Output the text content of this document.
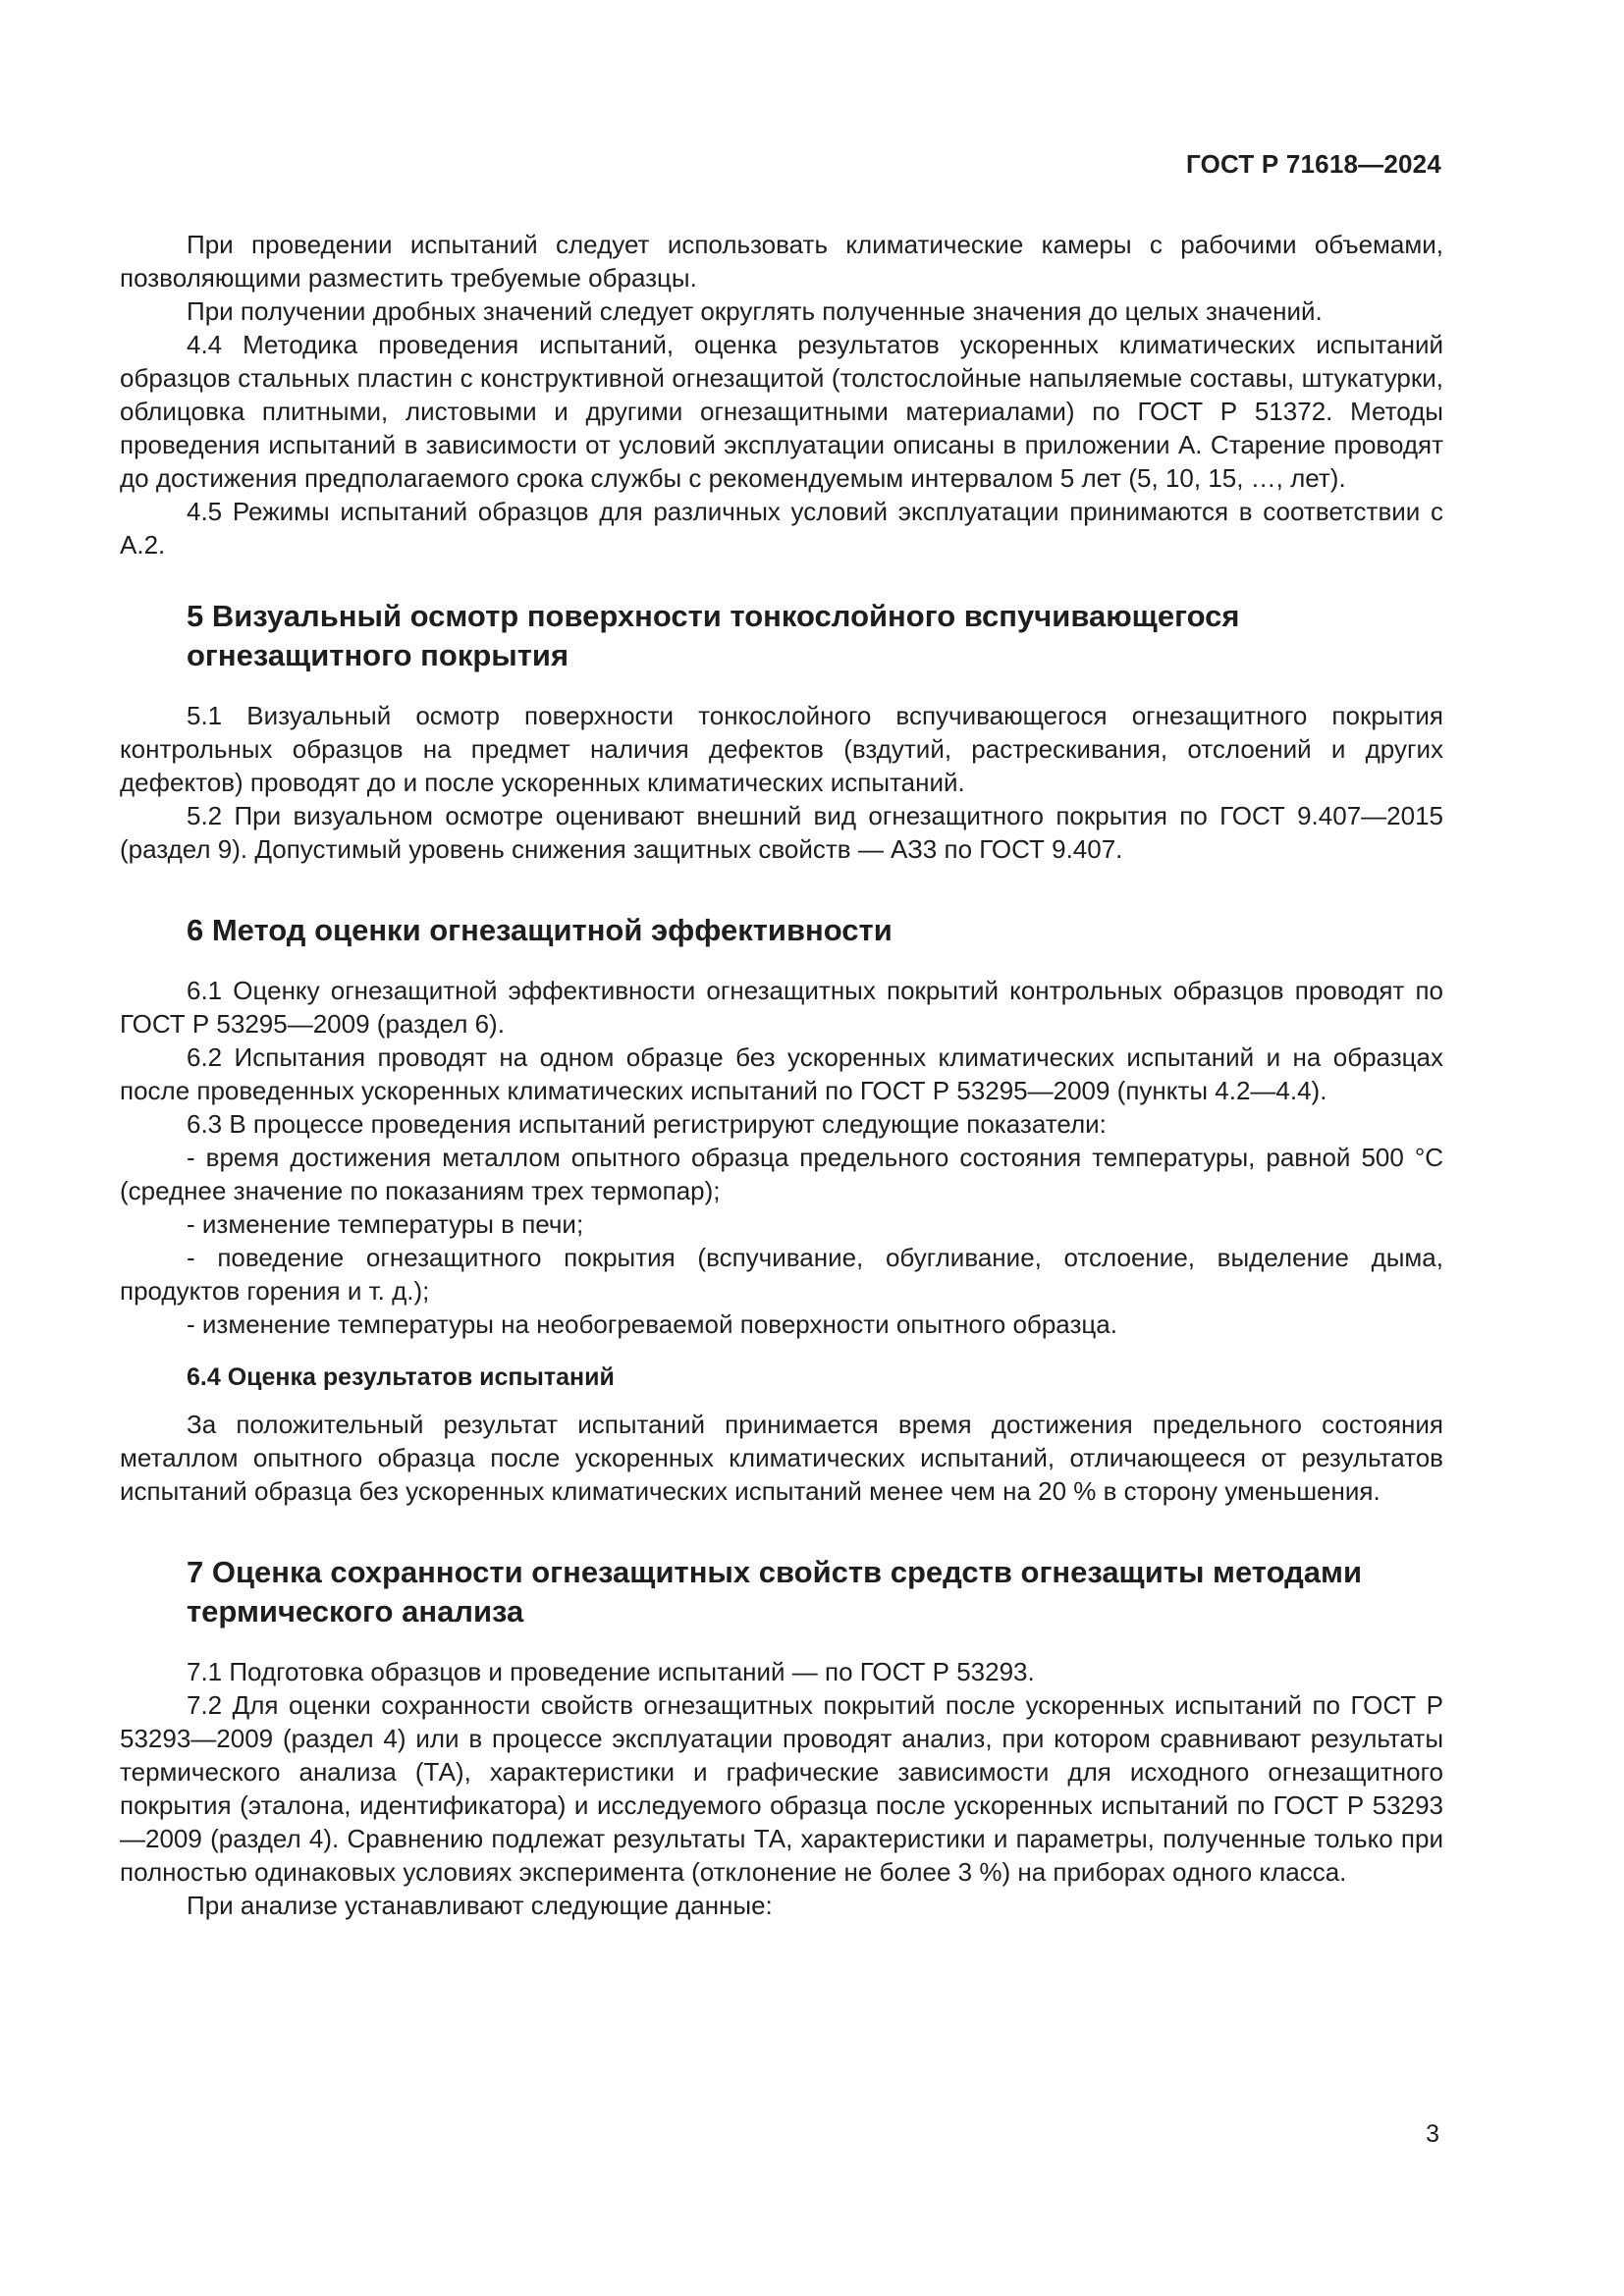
ГОСТ Р 71618—2024

При проведении испытаний следует использовать климатические камеры с рабочими объемами, позволяющими разместить требуемые образцы.

При получении дробных значений следует округлять полученные значения до целых значений.

4.4 Методика проведения испытаний, оценка результатов ускоренных климатических испытаний образцов стальных пластин с конструктивной огнезащитой (толстослойные напыляемые составы, штукатурки, облицовка плитными, листовыми и другими огнезащитными материалами) по ГОСТ Р 51372. Методы проведения испытаний в зависимости от условий эксплуатации описаны в приложении А. Старение проводят до достижения предполагаемого срока службы с рекомендуемым интервалом 5 лет (5, 10, 15, …, лет).

4.5 Режимы испытаний образцов для различных условий эксплуатации принимаются в соответствии с А.2.

5 Визуальный осмотр поверхности тонкослойного вспучивающегося огнезащитного покрытия

5.1 Визуальный осмотр поверхности тонкослойного вспучивающегося огнезащитного покрытия контрольных образцов на предмет наличия дефектов (вздутий, растрескивания, отслоений и других дефектов) проводят до и после ускоренных климатических испытаний.

5.2 При визуальном осмотре оценивают внешний вид огнезащитного покрытия по ГОСТ 9.407—2015 (раздел 9). Допустимый уровень снижения защитных свойств — АЗ3 по ГОСТ 9.407.

6 Метод оценки огнезащитной эффективности

6.1 Оценку огнезащитной эффективности огнезащитных покрытий контрольных образцов проводят по ГОСТ Р 53295—2009 (раздел 6).

6.2 Испытания проводят на одном образце без ускоренных климатических испытаний и на образцах после проведенных ускоренных климатических испытаний по ГОСТ Р 53295—2009 (пункты 4.2—4.4).

6.3 В процессе проведения испытаний регистрируют следующие показатели:

- время достижения металлом опытного образца предельного состояния температуры, равной 500 °С (среднее значение по показаниям трех термопар);

- изменение температуры в печи;

- поведение огнезащитного покрытия (вспучивание, обугливание, отслоение, выделение дыма, продуктов горения и т. д.);

- изменение температуры на необогреваемой поверхности опытного образца.

6.4 Оценка результатов испытаний

За положительный результат испытаний принимается время достижения предельного состояния металлом опытного образца после ускоренных климатических испытаний, отличающееся от результатов испытаний образца без ускоренных климатических испытаний менее чем на 20 % в сторону уменьшения.

7 Оценка сохранности огнезащитных свойств средств огнезащиты методами термического анализа

7.1 Подготовка образцов и проведение испытаний — по ГОСТ Р 53293.

7.2 Для оценки сохранности свойств огнезащитных покрытий после ускоренных испытаний по ГОСТ Р 53293—2009 (раздел 4) или в процессе эксплуатации проводят анализ, при котором сравнивают результаты термического анализа (ТА), характеристики и графические зависимости для исходного огнезащитного покрытия (эталона, идентификатора) и исследуемого образца после ускоренных испытаний по ГОСТ Р 53293—2009 (раздел 4). Сравнению подлежат результаты ТА, характеристики и параметры, полученные только при полностью одинаковых условиях эксперимента (отклонение не более 3 %) на приборах одного класса.

При анализе устанавливают следующие данные:

3
